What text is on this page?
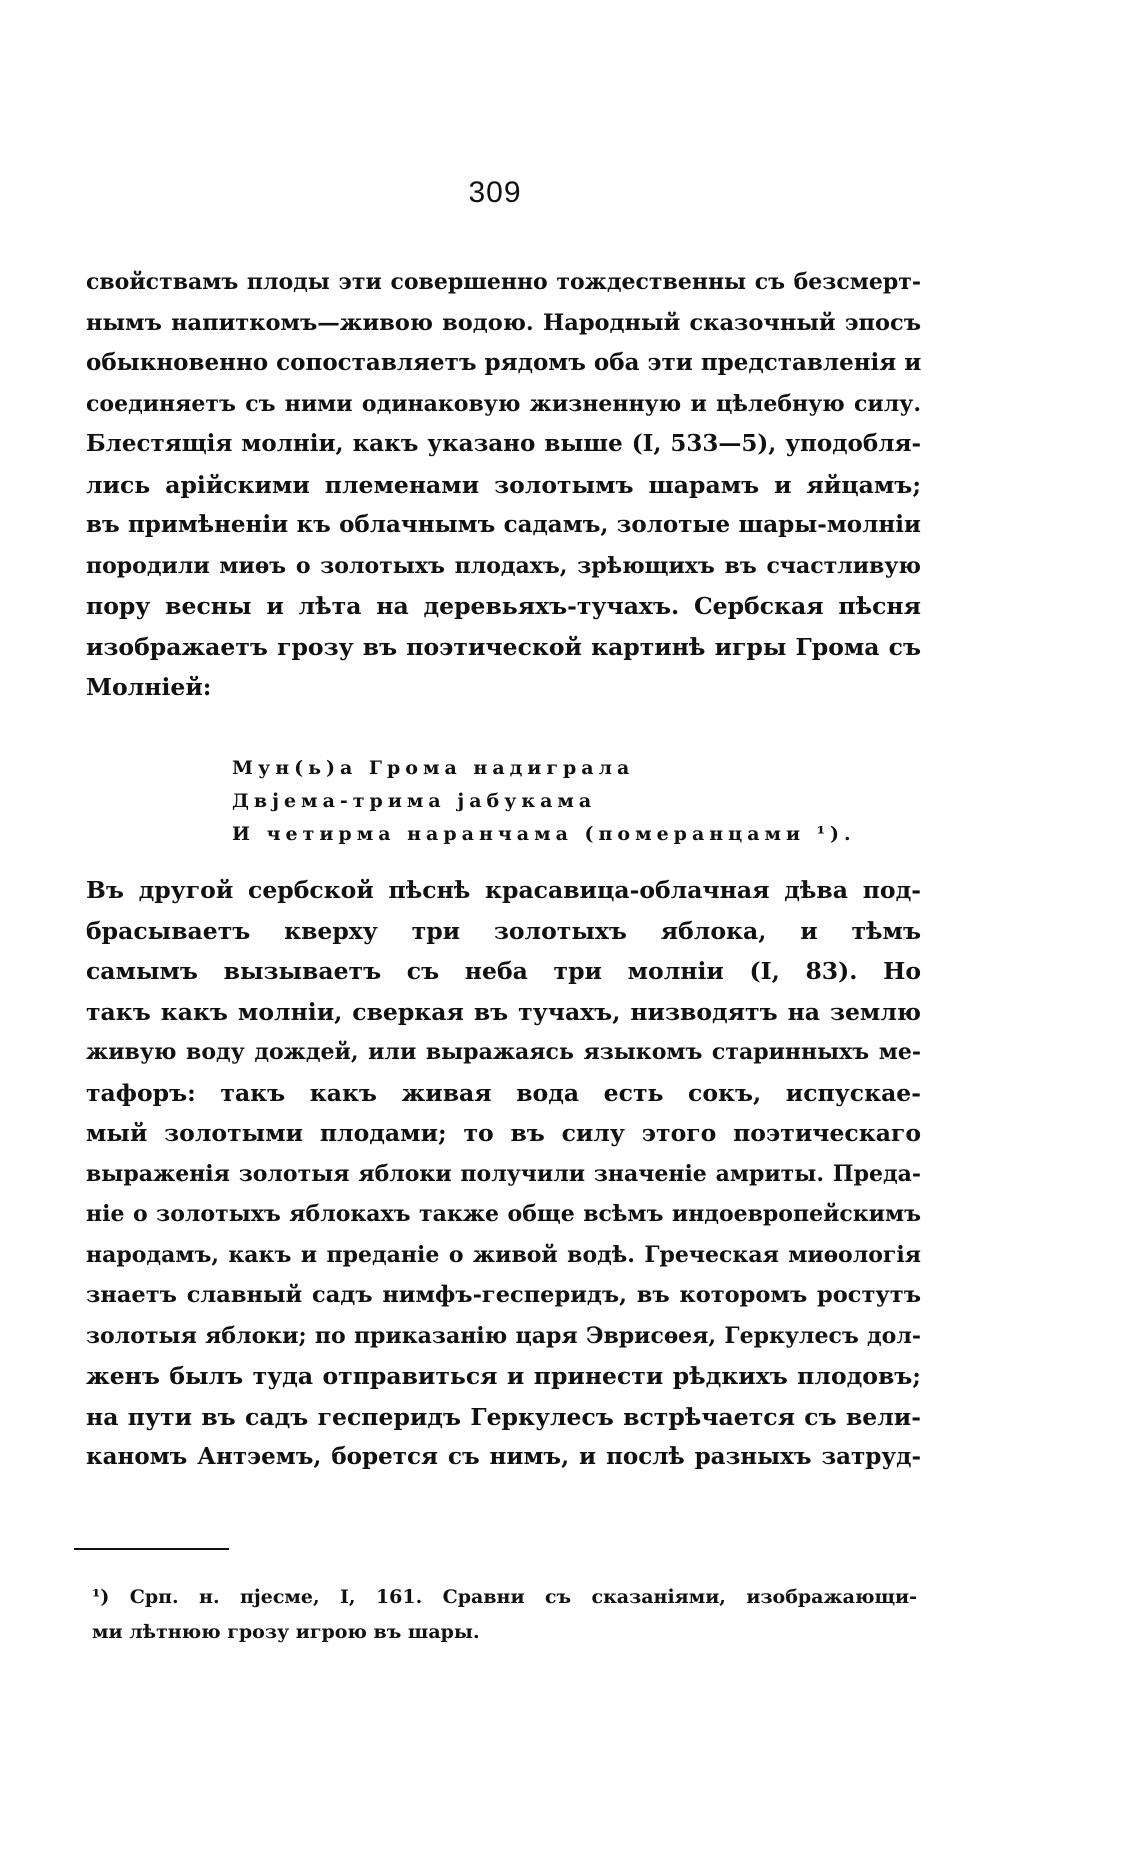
309
свойствамъ плоды эти совершенно тождественны съ безсмерт-
нымъ напиткомъ—живою водою. Народный сказочный эпосъ
обыкновенно сопоставляетъ рядомъ оба эти представленія и
соединяетъ съ ними одинаковую жизненную и цѣлебную силу.
Блестящія молніи, какъ указано выше (I, 533—5), уподобля-
лись арійскими племенами золотымъ шарамъ и яйцамъ;
въ примѣненіи къ облачнымъ садамъ, золотые шары-молніи
породили миѳъ о золотыхъ плодахъ, зрѣющихъ въ счастливую
пору весны и лѣта на деревьяхъ-тучахъ. Сербская пѣсня
изображаетъ грозу въ поэтической картинѣ игры Грома съ
Молніей:
Мун(ь)а Грома надиграла
Двjема-трима jабукама
И четирма наранчама (померанцами ¹).
Въ другой сербской пѣснѣ красавица-облачная дѣва под-
брасываетъ кверху три золотыхъ яблока, и тѣмъ
самымъ вызываетъ съ неба три молніи (I, 83). Но
такъ какъ молніи, сверкая въ тучахъ, низводятъ на землю
живую воду дождей, или выражаясь языкомъ старинныхъ ме-
тафоръ: такъ какъ живая вода есть сокъ, испускае-
мый золотыми плодами; то въ силу этого поэтическаго
выраженія золотыя яблоки получили значеніе амриты. Преда-
ніе о золотыхъ яблокахъ также обще всѣмъ индоевропейскимъ
народамъ, какъ и преданіе о живой водѣ. Греческая миѳологія
знаетъ славный садъ нимфъ-гесперидъ, въ которомъ ростутъ
золотыя яблоки; по приказанію царя Эврисѳея, Геркулесъ дол-
женъ былъ туда отправиться и принести рѣдкихъ плодовъ;
на пути въ садъ гесперидъ Геркулесъ встрѣчается съ вели-
каномъ Антэемъ, борется съ нимъ, и послѣ разныхъ затруд-
¹) Срп. н. пjесме, I, 161. Сравни съ сказаніями, изображающи-
ми лѣтнюю грозу игрою въ шары.
